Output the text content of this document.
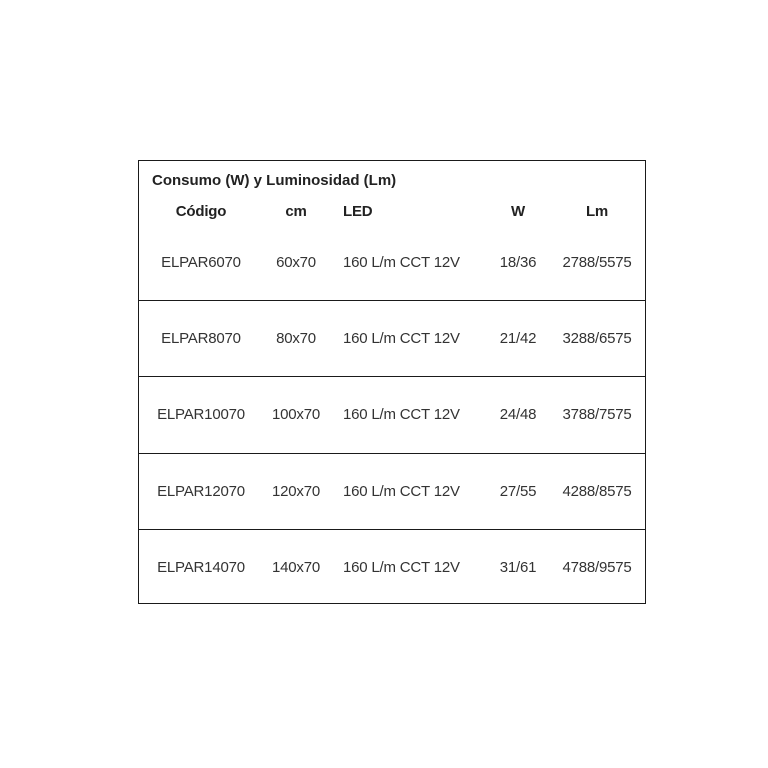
Consumo (W) y Luminosidad (Lm)
Código	cm LED	W	Lm
ELPAR6070 60x70 160 L/m CCT 12V	18/36 2788/5575
ELPAR8070 80x70 160 L/m CCT 12V	21/42 3288/6575
ELPAR10070 100x70 160 L/m CCT 12V	24/48 3788/7575
ELPAR12070 120x70 160 L/m CCT 12V	27/55 4288/8575
ELPAR14070 140x70 160 L/m CCT 12V	31/61 4788/9575
